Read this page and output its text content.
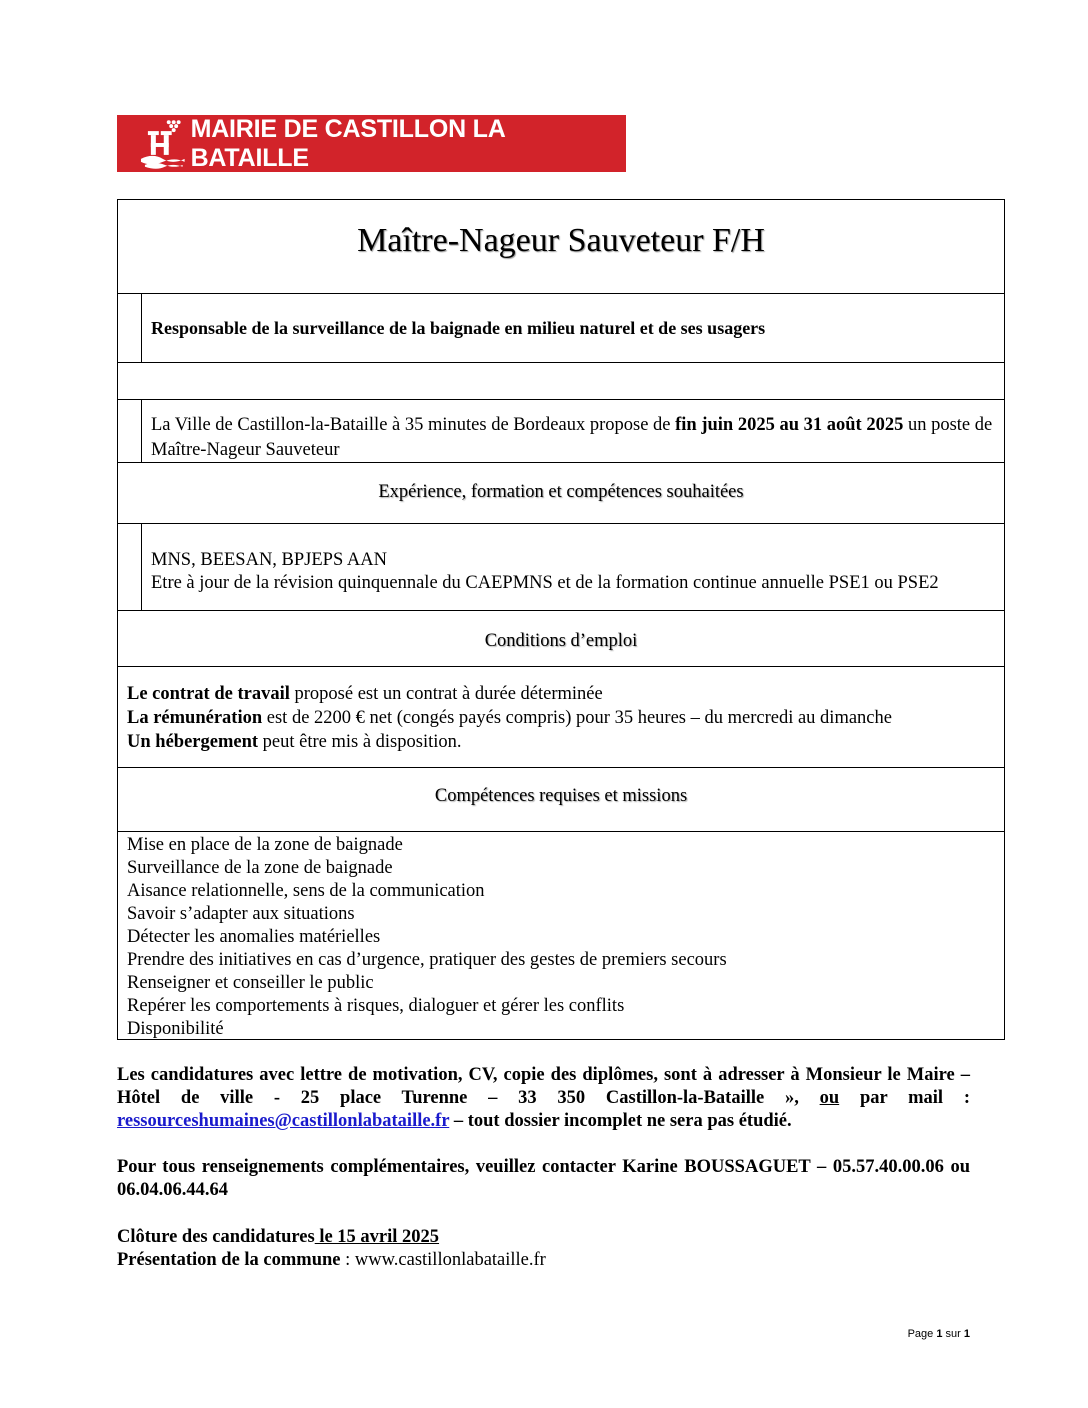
MAIRIE DE CASTILLON LA BATAILLE
Maître-Nageur Sauveteur F/H
Responsable de la surveillance de la baignade en milieu naturel et de ses usagers
La Ville de Castillon-la-Bataille à 35 minutes de Bordeaux propose de fin juin 2025 au 31 août 2025 un poste de Maître-Nageur Sauveteur
Expérience, formation et compétences souhaitées
MNS, BEESAN, BPJEPS AAN
Etre à jour de la révision quinquennale du CAEPMNS et de la formation continue annuelle PSE1 ou PSE2
Conditions d’emploi
Le contrat de travail proposé est un contrat à durée déterminée
La rémunération est de 2200 € net (congés payés compris) pour 35 heures – du mercredi au dimanche
Un hébergement peut être mis à disposition.
Compétences requises et missions
Mise en place de la zone de baignade
Surveillance de la zone de baignade
Aisance relationnelle, sens de la communication
Savoir s’adapter aux situations
Détecter les anomalies matérielles
Prendre des initiatives en cas d’urgence, pratiquer des gestes de premiers secours
Renseigner et conseiller le public
Repérer les comportements à risques, dialoguer et gérer les conflits
Disponibilité
Les candidatures avec lettre de motivation, CV, copie des diplômes, sont à adresser à Monsieur le Maire – Hôtel de ville - 25 place Turenne – 33 350 Castillon-la-Bataille », ou par mail : ressourceshumaines@castillonlabataille.fr – tout dossier incomplet ne sera pas étudié.
Pour tous renseignements complémentaires, veuillez contacter Karine BOUSSAGUET – 05.57.40.00.06 ou 06.04.06.44.64
Clôture des candidatures le 15 avril 2025
Présentation de la commune : www.castillonlabataille.fr
Page 1 sur 1
